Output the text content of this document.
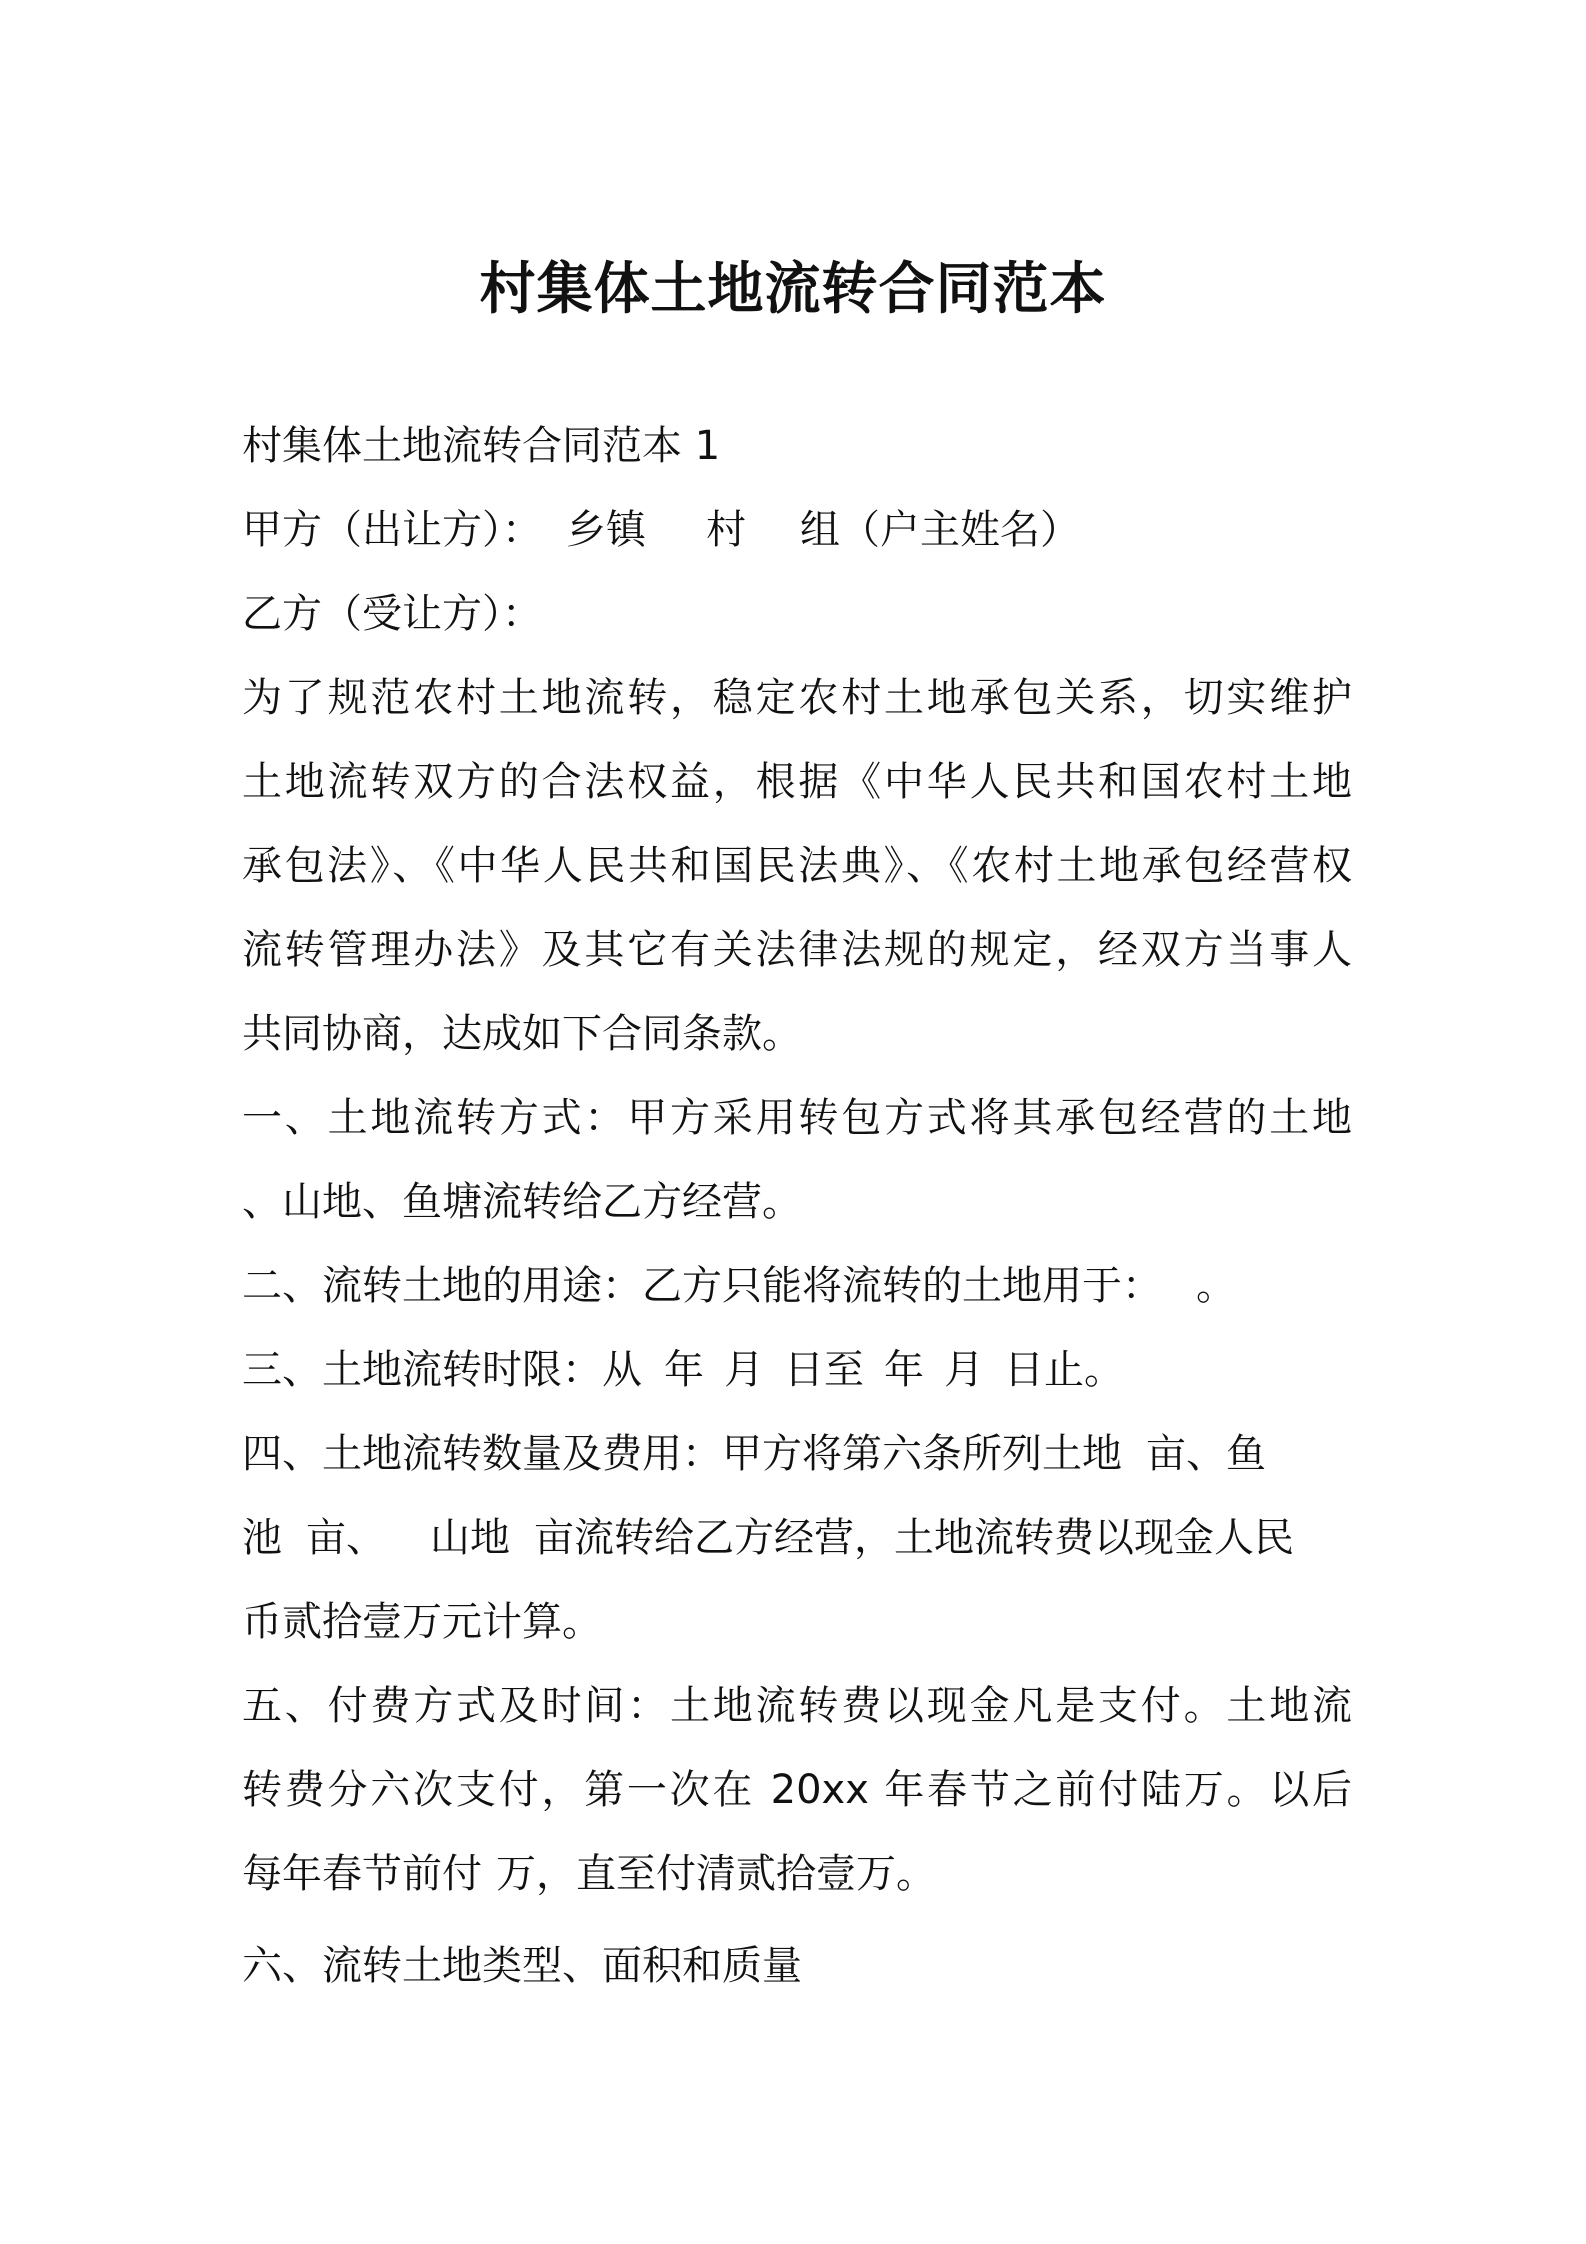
村集体土地流转合同范本
村集体土地流转合同范本 1
甲方（出让方）： 乡镇 村 组（户主姓名）
乙方（受让方）：
为了规范农村土地流转，稳定农村土地承包关系，切实维护
土地流转双方的合法权益，根据《中华人民共和国农村土地
承包法》、《中华人民共和国民法典》、《农村土地承包经营权
流转管理办法》及其它有关法律法规的规定，经双方当事人
共同协商，达成如下合同条款。
一、土地流转方式：甲方采用转包方式将其承包经营的土地
、山地、鱼塘流转给乙方经营。
二、流转土地的用途：乙方只能将流转的土地用于： 。
三、土地流转时限：从 年 月 日至 年 月 日止。
四、土地流转数量及费用：甲方将第六条所列土地 亩、鱼
池 亩、 山地 亩流转给乙方经营，土地流转费以现金人民
币贰拾壹万元计算。
五、付费方式及时间：土地流转费以现金凡是支付。土地流
转费分六次支付，第一次在 20xx 年春节之前付陆万。以后
每年春节前付 万，直至付清贰拾壹万。
六、流转土地类型、面积和质量
